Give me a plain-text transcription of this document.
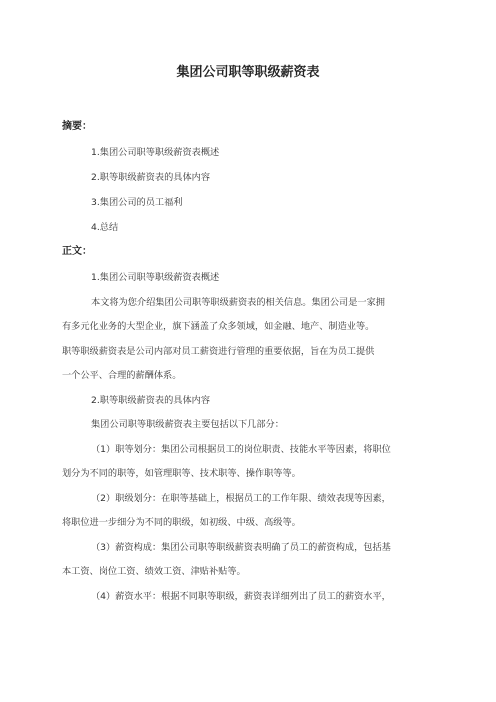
集团公司职等职级薪资表
摘要：
1.集团公司职等职级薪资表概述
2.职等职级薪资表的具体内容
3.集团公司的员工福利
4.总结
正文：
1.集团公司职等职级薪资表概述
本文将为您介绍集团公司职等职级薪资表的相关信息。集团公司是一家拥
有多元化业务的大型企业，旗下涵盖了众多领域，如金融、地产、制造业等。
职等职级薪资表是公司内部对员工薪资进行管理的重要依据，旨在为员工提供
一个公平、合理的薪酬体系。
2.职等职级薪资表的具体内容
集团公司职等职级薪资表主要包括以下几部分：
（1）职等划分：集团公司根据员工的岗位职责、技能水平等因素，将职位
划分为不同的职等，如管理职等、技术职等、操作职等等。
（2）职级划分：在职等基础上，根据员工的工作年限、绩效表现等因素，
将职位进一步细分为不同的职级，如初级、中级、高级等。
（3）薪资构成：集团公司职等职级薪资表明确了员工的薪资构成，包括基
本工资、岗位工资、绩效工资、津贴补贴等。
（4）薪资水平：根据不同职等职级，薪资表详细列出了员工的薪资水平，
